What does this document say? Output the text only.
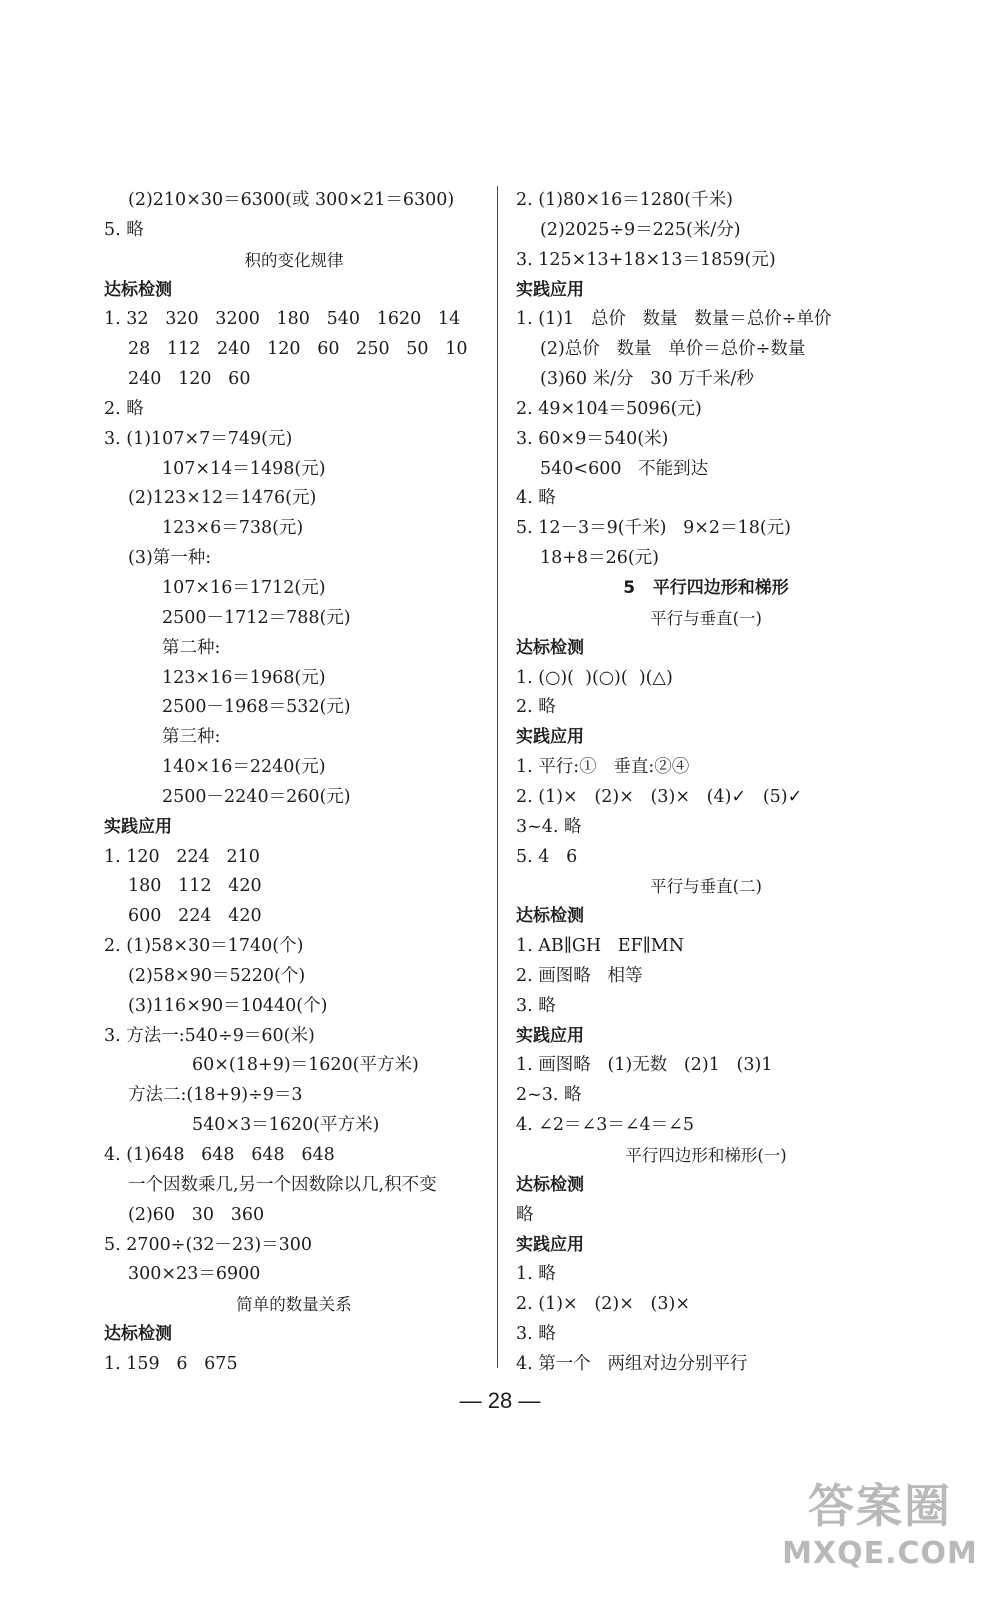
(2)210×30＝6300(或 300×21＝6300)
5. 略
积的变化规律
达标检测
1. 32   320   3200   180   540   1620   14
28   112   240   120   60   250   50   10
240   120   60
2. 略
3. (1)107×7＝749(元)
107×14＝1498(元)
(2)123×12＝1476(元)
123×6＝738(元)
(3)第一种:
107×16＝1712(元)
2500－1712＝788(元)
第二种:
123×16＝1968(元)
2500－1968＝532(元)
第三种:
140×16＝2240(元)
2500－2240＝260(元)
实践应用
1. 120   224   210
180   112   420
600   224   420
2. (1)58×30＝1740(个)
(2)58×90＝5220(个)
(3)116×90＝10440(个)
3. 方法一:540÷9＝60(米)
60×(18+9)＝1620(平方米)
方法二:(18+9)÷9＝3
540×3＝1620(平方米)
4. (1)648   648   648   648
一个因数乘几,另一个因数除以几,积不变
(2)60   30   360
5. 2700÷(32－23)＝300
300×23＝6900
简单的数量关系
达标检测
1. 159   6   675
2. (1)80×16＝1280(千米)
(2)2025÷9＝225(米/分)
3. 125×13+18×13＝1859(元)
实践应用
1. (1)1   总价   数量   数量＝总价÷单价
(2)总价   数量   单价＝总价÷数量
(3)60 米/分   30 万千米/秒
2. 49×104＝5096(元)
3. 60×9＝540(米)
540<600   不能到达
4. 略
5. 12－3＝9(千米)   9×2＝18(元)
18+8＝26(元)
5   平行四边形和梯形
平行与垂直(一)
达标检测
1. (○)(  )(○)(  )(△)
2. 略
实践应用
1. 平行:①   垂直:②④
2. (1)×   (2)×   (3)×   (4)✓   (5)✓
3~4. 略
5. 4   6
平行与垂直(二)
达标检测
1. AB∥GH   EF∥MN
2. 画图略   相等
3. 略
实践应用
1. 画图略   (1)无数   (2)1   (3)1
2~3. 略
4. ∠2＝∠3＝∠4＝∠5
平行四边形和梯形(一)
达标检测
略
实践应用
1. 略
2. (1)×   (2)×   (3)×
3. 略
4. 第一个   两组对边分别平行
— 28 —
答案圈
MXQE.COM
